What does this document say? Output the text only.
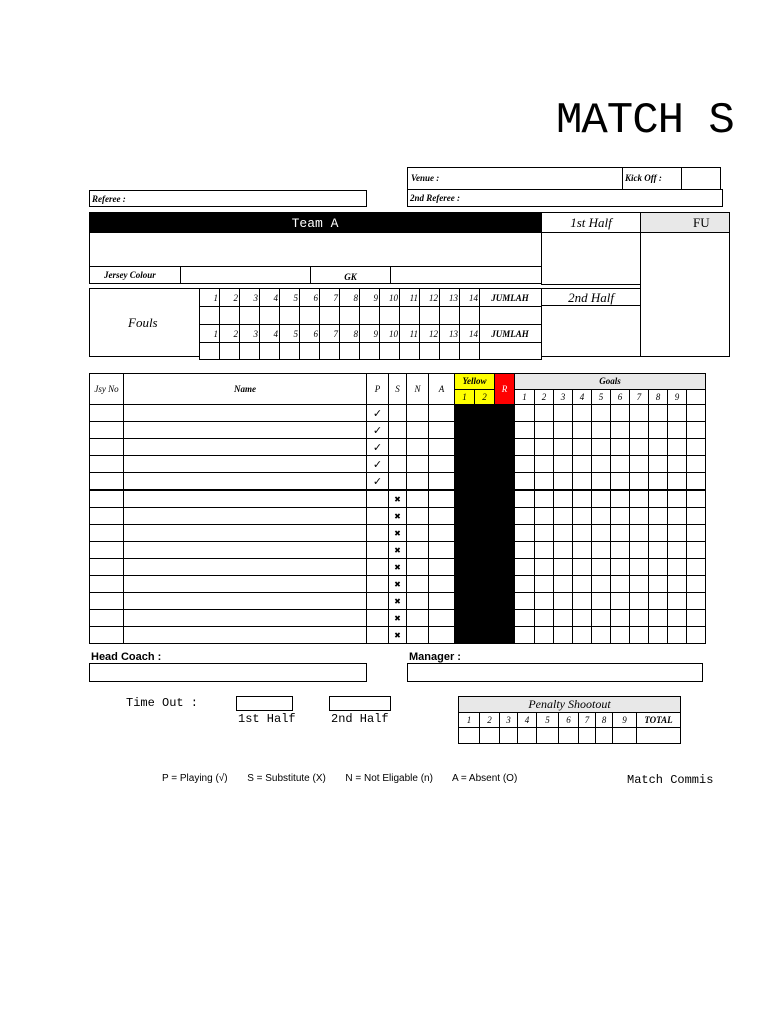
MATCH S
Venue :	Kick Off :
Referee :	2nd Referee :
Team A	1st Half	FU
Jersey Colour	GK
Fouls
1	2	3	4	5	6	7	8	9	10	11	12	13	14	JUMLAH

1	2	3	4	5	6	7	8	9	10	11	12	13	14	JUMLAH

2nd Half
Jsy No	Name	P	S	N	A	Yellow		R	Goals									
						1	2		1	2	3	4	5	6	7	8	9	
		✓																
		✓																
		✓																
		✓																
		✓																
			✖															
			✖															
			✖															
			✖															
			✖															
			✖															
			✖															
			✖															
			✖															
Head Coach :	Manager :
Time Out :
1st Half	2nd Half
Penalty Shootout									
1	2	3	4	5	6	7	8	9	TOTAL

P = Playing (√) S = Substitute (X) N = Not Eligable (n) A = Absent (O)	Match Commis
